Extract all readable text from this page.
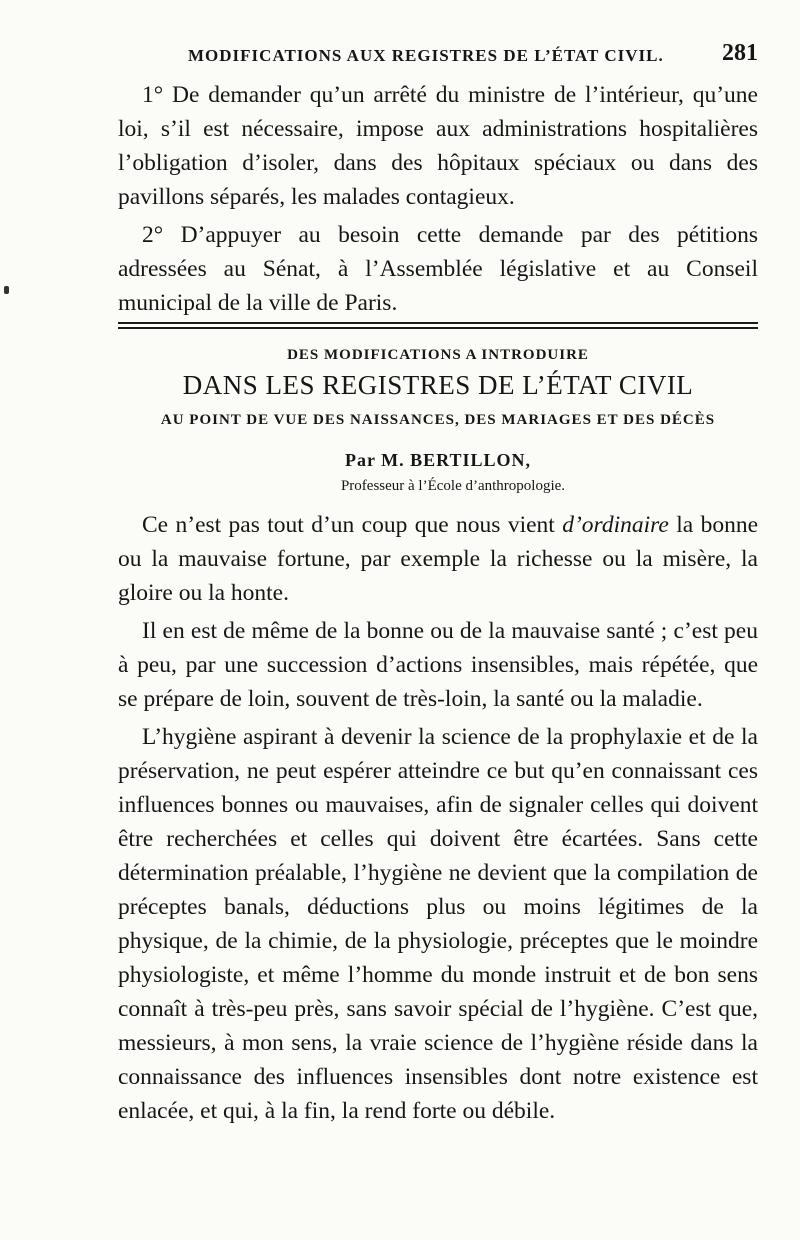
MODIFICATIONS AUX REGISTRES DE L’ÉTAT CIVIL. 281

1° De demander qu’un arrêté du ministre de l’intérieur, qu’une loi, s’il est nécessaire, impose aux administrations hospitalières l’obligation d’isoler, dans des hôpitaux spéciaux ou dans des pavillons séparés, les malades contagieux.

2° D’appuyer au besoin cette demande par des pétitions adressées au Sénat, à l’Assemblée législative et au Conseil municipal de la ville de Paris.

DES MODIFICATIONS A INTRODUIRE
DANS LES REGISTRES DE L’ÉTAT CIVIL
AU POINT DE VUE DES NAISSANCES, DES MARIAGES ET DES DÉCÈS
Par M. BERTILLON,
Professeur à l’École d’anthropologie.

Ce n’est pas tout d’un coup que nous vient d’ordinaire la bonne ou la mauvaise fortune, par exemple la richesse ou la misère, la gloire ou la honte.

Il en est de même de la bonne ou de la mauvaise santé ; c’est peu à peu, par une succession d’actions insensibles, mais répétée, que se prépare de loin, souvent de très-loin, la santé ou la maladie.

L’hygiène aspirant à devenir la science de la prophylaxie et de la préservation, ne peut espérer atteindre ce but qu’en connaissant ces influences bonnes ou mauvaises, afin de signaler celles qui doivent être recherchées et celles qui doivent être écartées. Sans cette détermination préalable, l’hygiène ne devient que la compilation de préceptes banals, déductions plus ou moins légitimes de la physique, de la chimie, de la physiologie, préceptes que le moindre physiologiste, et même l’homme du monde instruit et de bon sens connaît à très-peu près, sans savoir spécial de l’hygiène. C’est que, messieurs, à mon sens, la vraie science de l’hygiène réside dans la connaissance des influences insensibles dont notre existence est enlacée, et qui, à la fin, la rend forte ou débile.
